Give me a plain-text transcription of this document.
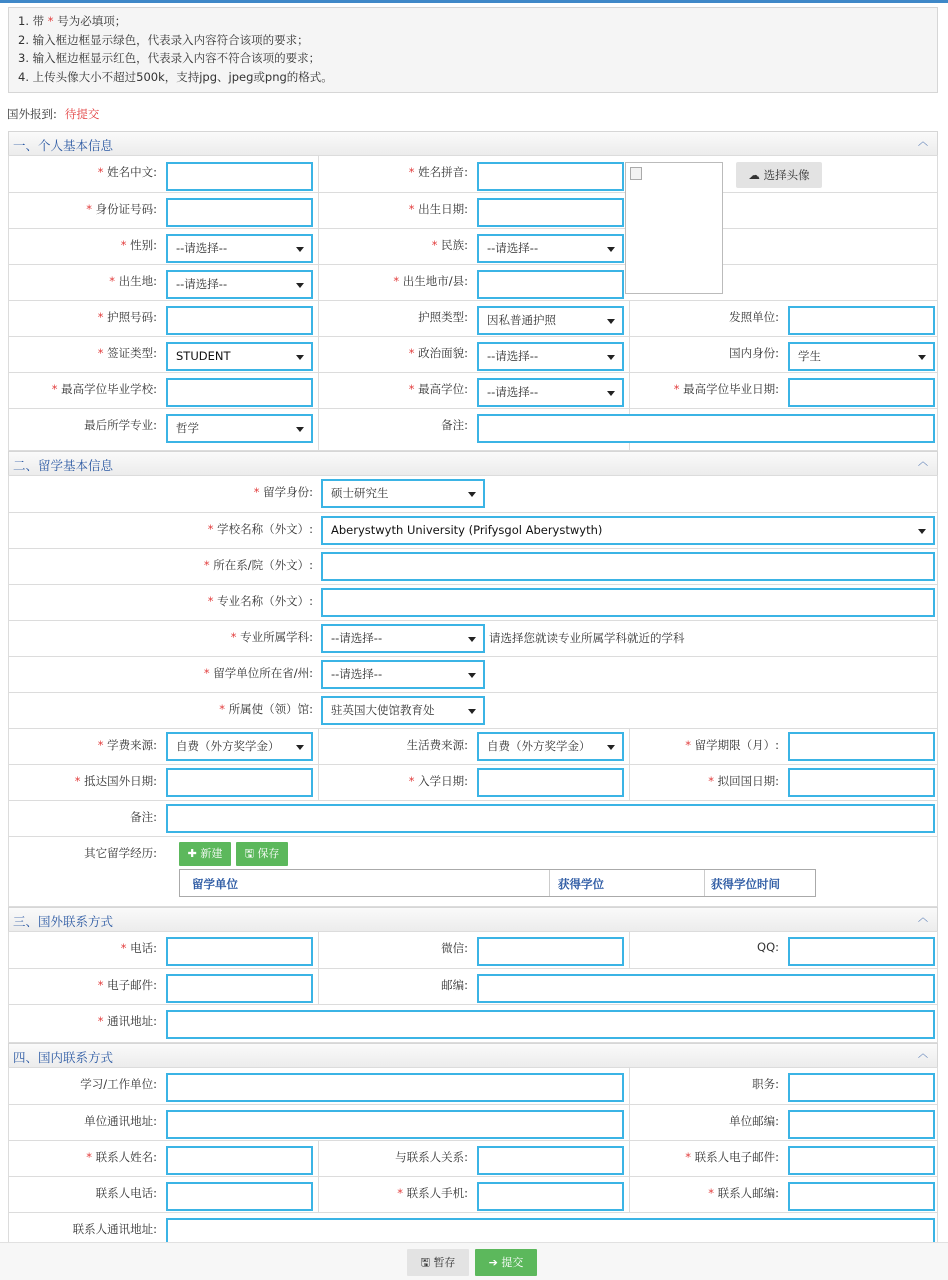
1. 带 * 号为必填项；
2. 输入框边框显示绿色，代表录入内容符合该项的要求；
3. 输入框边框显示红色，代表录入内容不符合该项的要求；
4. 上传头像大小不超过500k，支持jpg、jpeg或png的格式。
国外报到: 待提交
一、个人基本信息	︿
* 姓名中文:	* 姓名拼音:
* 身份证号码:	* 出生日期:
* 性别:	--请选择--	* 民族:	--请选择--
* 出生地:	--请选择--	* 出生地市/县:
* 护照号码:	护照类型:	因私普通护照	发照单位:
* 签证类型:	STUDENT	* 政治面貌:	--请选择--	国内身份:	学生
* 最高学位毕业学校:	* 最高学位:	--请选择--	* 最高学位毕业日期:
最后所学专业:	哲学	备注:
☁ 选择头像
二、留学基本信息	︿
* 留学身份:	硕士研究生
* 学校名称（外文）:	Aberystwyth University (Prifysgol Aberystwyth)
* 所在系/院（外文）:
* 专业名称（外文）:
* 专业所属学科:	--请选择--	请选择您就读专业所属学科就近的学科
* 留学单位所在省/州:	--请选择--
* 所属使（领）馆:	驻英国大使馆教育处
* 学费来源:	自费（外方奖学金）	生活费来源:	自费（外方奖学金）	* 留学期限（月）:
* 抵达国外日期:	* 入学日期:	* 拟回国日期:
备注:
其它留学经历:	✚ 新建	🖫 保存
留学单位	获得学位	获得学位时间
三、国外联系方式	︿
* 电话:	微信:	QQ:
* 电子邮件:	邮编:
* 通讯地址:
四、国内联系方式	︿
学习/工作单位:	职务:
单位通讯地址:	单位邮编:
* 联系人姓名:	与联系人关系:	* 联系人电子邮件:
联系人电话:	* 联系人手机:	* 联系人邮编:
联系人通讯地址:
🖫 暂存	➔ 提交
